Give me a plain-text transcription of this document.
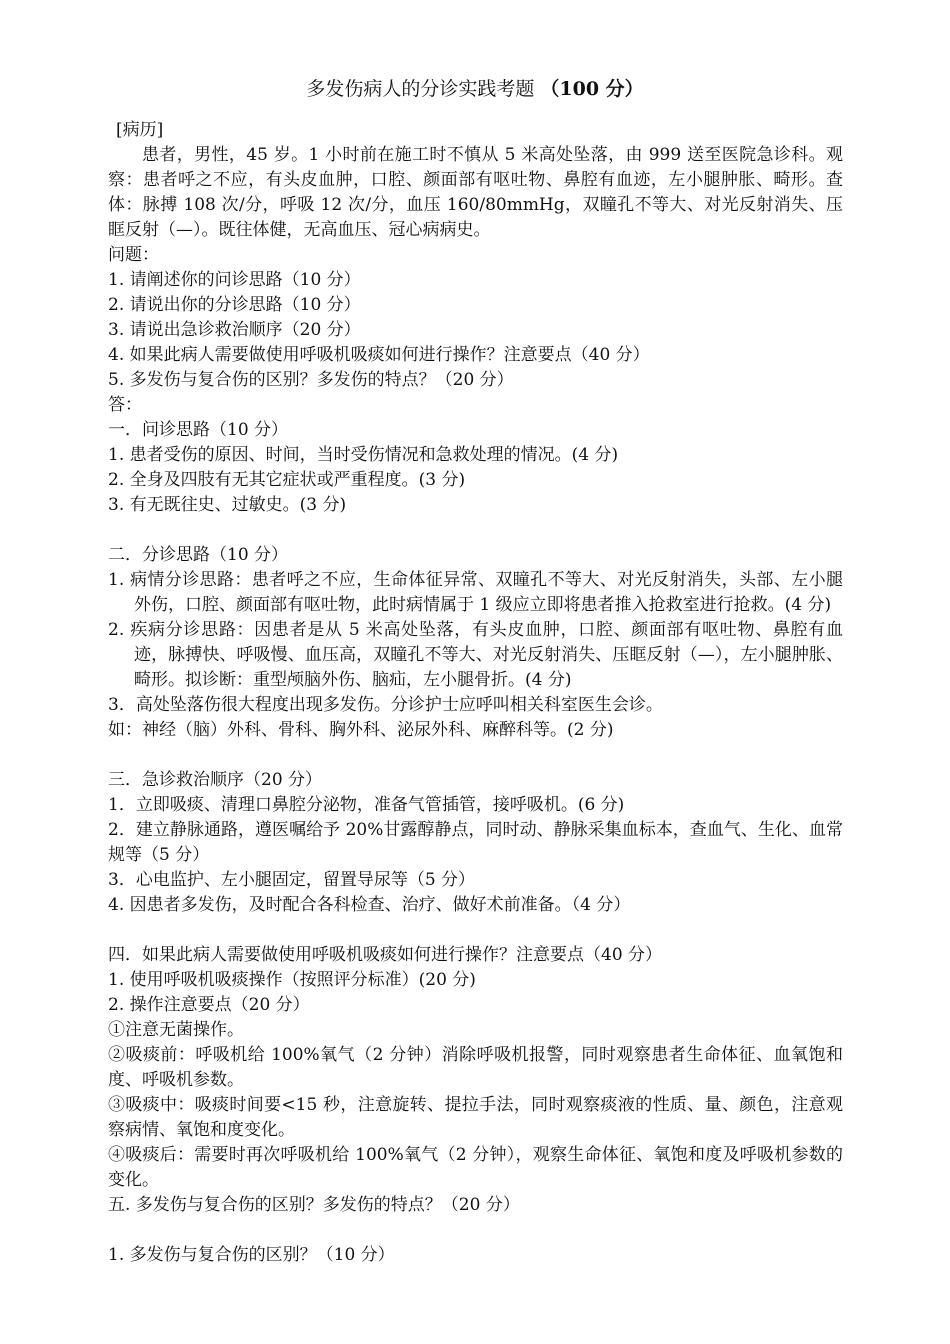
多发伤病人的分诊实践考题 （100 分）

[病历]

患者，男性，45 岁。1 小时前在施工时不慎从 5 米高处坠落，由 999 送至医院急诊科。观察：患者呼之不应，有头皮血肿，口腔、颜面部有呕吐物、鼻腔有血迹，左小腿肿胀、畸形。查体：脉搏 108 次/分，呼吸 12 次/分，血压 160/80mmHg，双瞳孔不等大、对光反射消失、压眶反射（—）。既往体健，无高血压、冠心病病史。

问题：

1. 请阐述你的问诊思路（10 分）

2. 请说出你的分诊思路（10 分）

3. 请说出急诊救治顺序（20 分）

4. 如果此病人需要做使用呼吸机吸痰如何进行操作？注意要点（40 分）

5. 多发伤与复合伤的区别？多发伤的特点？（20 分）

答：

一．问诊思路（10 分）

1. 患者受伤的原因、时间，当时受伤情况和急救处理的情况。(4 分)

2. 全身及四肢有无其它症状或严重程度。(3 分)

3. 有无既往史、过敏史。(3 分)

二．分诊思路（10 分）

1. 病情分诊思路：患者呼之不应，生命体征异常、双瞳孔不等大、对光反射消失，头部、左小腿外伤，口腔、颜面部有呕吐物，此时病情属于 1 级应立即将患者推入抢救室进行抢救。(4 分)

2. 疾病分诊思路：因患者是从 5 米高处坠落，有头皮血肿，口腔、颜面部有呕吐物、鼻腔有血迹，脉搏快、呼吸慢、血压高，双瞳孔不等大、对光反射消失、压眶反射（—），左小腿肿胀、畸形。拟诊断：重型颅脑外伤、脑疝，左小腿骨折。(4 分)

3．高处坠落伤很大程度出现多发伤。分诊护士应呼叫相关科室医生会诊。

如：神经（脑）外科、骨科、胸外科、泌尿外科、麻醉科等。(2 分)

三．急诊救治顺序（20 分）

1．立即吸痰、清理口鼻腔分泌物，准备气管插管，接呼吸机。(6 分)

2．建立静脉通路，遵医嘱给予 20%甘露醇静点，同时动、静脉采集血标本，查血气、生化、血常规等（5 分）

3．心电监护、左小腿固定，留置导尿等（5 分）

4. 因患者多发伤，及时配合各科检查、治疗、做好术前准备。（4 分）

四．如果此病人需要做使用呼吸机吸痰如何进行操作？注意要点（40 分）

1. 使用呼吸机吸痰操作（按照评分标准）(20 分)

2. 操作注意要点（20 分）

①注意无菌操作。

②吸痰前：呼吸机给 100%氧气（2 分钟）消除呼吸机报警，同时观察患者生命体征、血氧饱和度、呼吸机参数。

③吸痰中：吸痰时间要<15 秒，注意旋转、提拉手法，同时观察痰液的性质、量、颜色，注意观察病情、氧饱和度变化。

④吸痰后：需要时再次呼吸机给 100%氧气（2 分钟），观察生命体征、氧饱和度及呼吸机参数的变化。

五. 多发伤与复合伤的区别？多发伤的特点？（20 分）

1. 多发伤与复合伤的区别？（10 分）
